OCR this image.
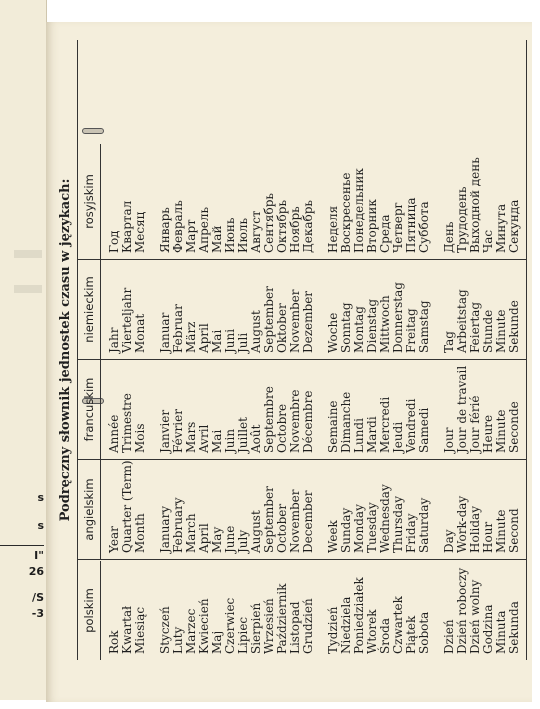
s
s
I"
26
/S
-3
Podręczny słownik jednostek czasu w językach:
polskim
Rok Kwartał Miesiąc Styczeń Luty Marzec Kwiecień Maj Czerwiec Lipiec Sierpień Wrzesień Październik Listopad Grudzień Tydzień Niedziela Poniedziałek Wtorek Środa Czwartek Piątek Sobota Dzień Dzień roboczy Dzień wolny Godzina Minuta Sekunda
angielskim Year Quarter (Term) Month January February March April May June July August September October November December Week Sunday Monday Tuesday Wednesday Thursday Friday Saturday Day Work-day Holiday Hour Minute Second
francuskim Année Trimestre Mois Janvier Février Mars Avril Mai Juin Juillet Août Septembre Octobre Novembre Décembre Semaine Dimanche Lundi Mardi Mercredi Jeudi Vendredi Samedi Jour Jour de travail Jour férié Heure Minute Seconde
niemieckim Jahr Vierteljahr Monat Januar Februar März April Mai Juni Juli August September Oktober November Dezember Woche Sonntag Montag Dienstag Mittwoch Donnerstag Freitag Samstag Tag Arbeitstag Feiertag Stunde Minute Sekunde
rosyjskim
Год Квартал Месяц Январь Февраль Март Апрель Май Июнь Июль Август Сентябрь Октябрь Ноябрь Декабрь Неделя Воскресенье Понедельник Вторник Среда Четверг Пятница Суббота День Трудодень Выходной день Час Минута Секунда
